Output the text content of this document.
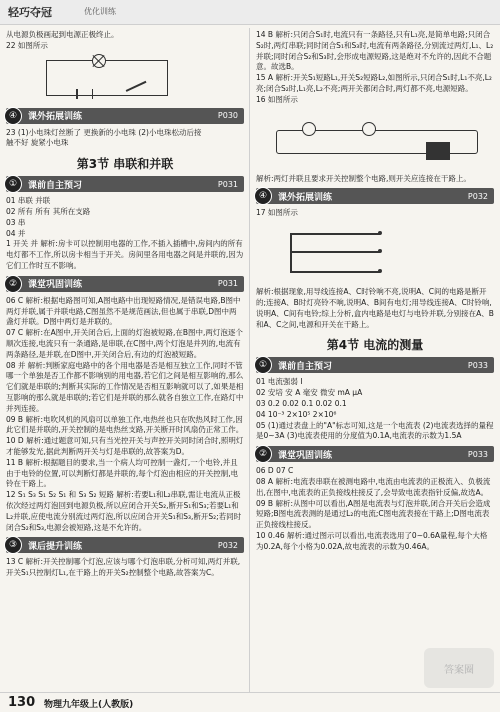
轻巧夺冠	优化训练
从电源负极画起到电源正极终止。
22 如图所示
④	课外拓展训练	P030
23 (1)小电珠灯丝断了 更换新的小电珠 (2)小电珠松动后接
触不好 旋紧小电珠
第3节 串联和并联
①	课前自主预习	P031
01 串联 并联
02 所有 所有 其所在支路
03 串
04 并
1 开关 并 解析:房卡可以控制用电器的工作,不插入插槽中,房间内的所有电灯都不工作,所以房卡相当于开关。房间里各用电器之间是并联的,因为它们工作时互不影响。
②	课堂巩固训练	P031
06 C 解析:根据电路图可知,A图电路中出现短路情况,是错误电路,B图中两灯并联,属于并联电路,C图虽然不是规范画法,但也属于串联,D图中两盏灯并联。D图中两灯是并联的。
07 C 解析:在A图中,开关闭合后,上面的灯泡被短路,在B图中,两灯泡逐个顺次连接,电流只有一条通路,是串联,在C图中,两个灯泡是并列的,电流有两条路径,是并联,在D图中,开关闭合后,有边的灯泡被短路。
08 并 解析:判断家庭电路中的各个用电器是否是相互独立工作,同时不管哪一个单独是否工作都不影响别的用电器,若它们之间是相互影响的,那么它们就是串联的;判断其实际的工作情况是否相互影响就可以了,如果是相互影响的那么就是串联的;若它们是并联的那么就各自独立工作,在路灯中并列连接。
09 B 解析:电吹风机的风扇可以单独工作,电热丝也只在吹热风时工作,因此它们是并联的,开关控制的是电热丝支路,开关断开时风扇仍正常工作。
10 D 解析:通过题意可知,只有当光控开关与声控开关同时闭合时,照明灯才能够发光,据此判断两开关与灯是串联的,故答案为D。
11 B 解析:根据题目的要求,当一个病人均可控制一盏灯,一个电铃,并且由于电铃的位置,可以判断灯都是并联的,每个灯泡由相应的开关控制,电铃在干路上。
12 S₁ S₃ S₁ S₂ S₁ 和 S₃ S₂ 短路 解析:若要L₁和L₂串联,需让电流从正极依次经过两灯泡回到电源负极,所以应闭合开关S₂,断开S₁和S₃;若要L₁和L₂并联,应使电流分别流过两灯泡,所以应闭合开关S₁和S₃,断开S₂;若同时闭合S₂和S₃,电源会被短路,这是不允许的。
③	课后提升训练	P032
13 C 解析:开关控制哪个灯泡,应该与哪个灯泡串联,分析可知,两灯并联,开关S₁只控制灯L₁,在干路上的开关S₂控制整个电路,故答案为C。
14 B 解析:只闭合S₁时,电流只有一条路径,只有L₁亮,是简单电路;只闭合S₂时,两灯串联;同时闭合S₁和S₃时,电流有两条路径,分别流过两灯,L₁、L₂并联;同时闭合S₂和S₃时,会形成电源短路,这是绝对不允许的,因此不合题意。故选B。
15 A 解析:开关S₁短路L₁,开关S₂短路L₂,如图所示,只闭合S₁时,L₁不亮,L₂亮;闭合S₂时,L₁亮,L₂不亮;两开关都闭合时,两灯都不亮,电源短路。
16 如图所示
解析:两灯并联且要求开关控制整个电路,则开关应连接在干路上。
④	课外拓展训练	P032
17 如图所示
解析:根据现象,用导线连接A、C时铃响不亮,说明A、C间的电路是断开的;连接A、B时灯亮铃不响,说明A、B间有电灯;用导线连接A、C时铃响,说明A、C间有电铃;综上分析,盒内电路是电灯与电铃并联,分别接在A、B和A、C之间,电源和开关在干路上。
第4节 电流的测量
①	课前自主预习	P033
01 电流强弱 I
02 安培 安 A 毫安 微安 mA μA
03 0.2 0.02 0.1 0.02 0.1
04 10⁻³ 2×10⁵ 2×10⁶
05 (1)通过表盘上的"A"标志可知,这是一个电流表 (2)电流表选择的量程是0~3A (3)电流表使用的分度值为0.1A,电流表的示数为1.5A
②	课堂巩固训练	P033
06 D 07 C
08 A 解析:电流表串联在被测电路中,电流由电流表的正极流入、负极流出,在图中,电流表的正负接线柱接反了,会导致电流表指针反偏,故选A。
09 B 解析:从图中可以看出,A图是电流表与灯泡并联,闭合开关后会造成短路;B图电流表测的是通过L₂的电流;C图电流表接在干路上;D图电流表正负接线柱接反。
10 0.46 解析:通过图示可以看出,电流表选用了0~0.6A量程,每个大格为0.2A,每个小格为0.02A,故电流表的示数为0.46A。
答案圈
130 物理九年级上(人教版)
